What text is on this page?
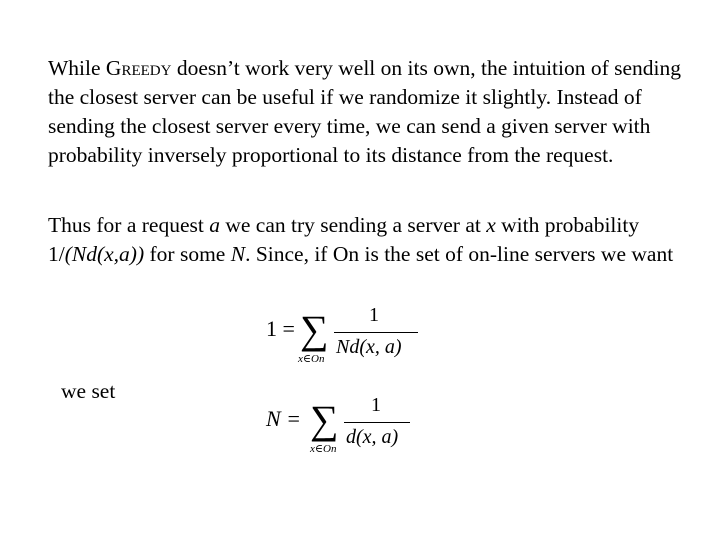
While Greedy doesn’t work very well on its own, the intuition of sending the closest server can be useful if we randomize it slightly. Instead of sending the closest server every time, we can send a given server with probability inversely proportional to its distance from the request.

Thus for a request a we can try sending a server at x with probability 1/(Nd(x,a)) for some N. Since, if On is the set of on-line servers we want

1 = ∑
x∈On
1
Nd(x, a)
we set
N = ∑
x∈On
1
d(x, a)
